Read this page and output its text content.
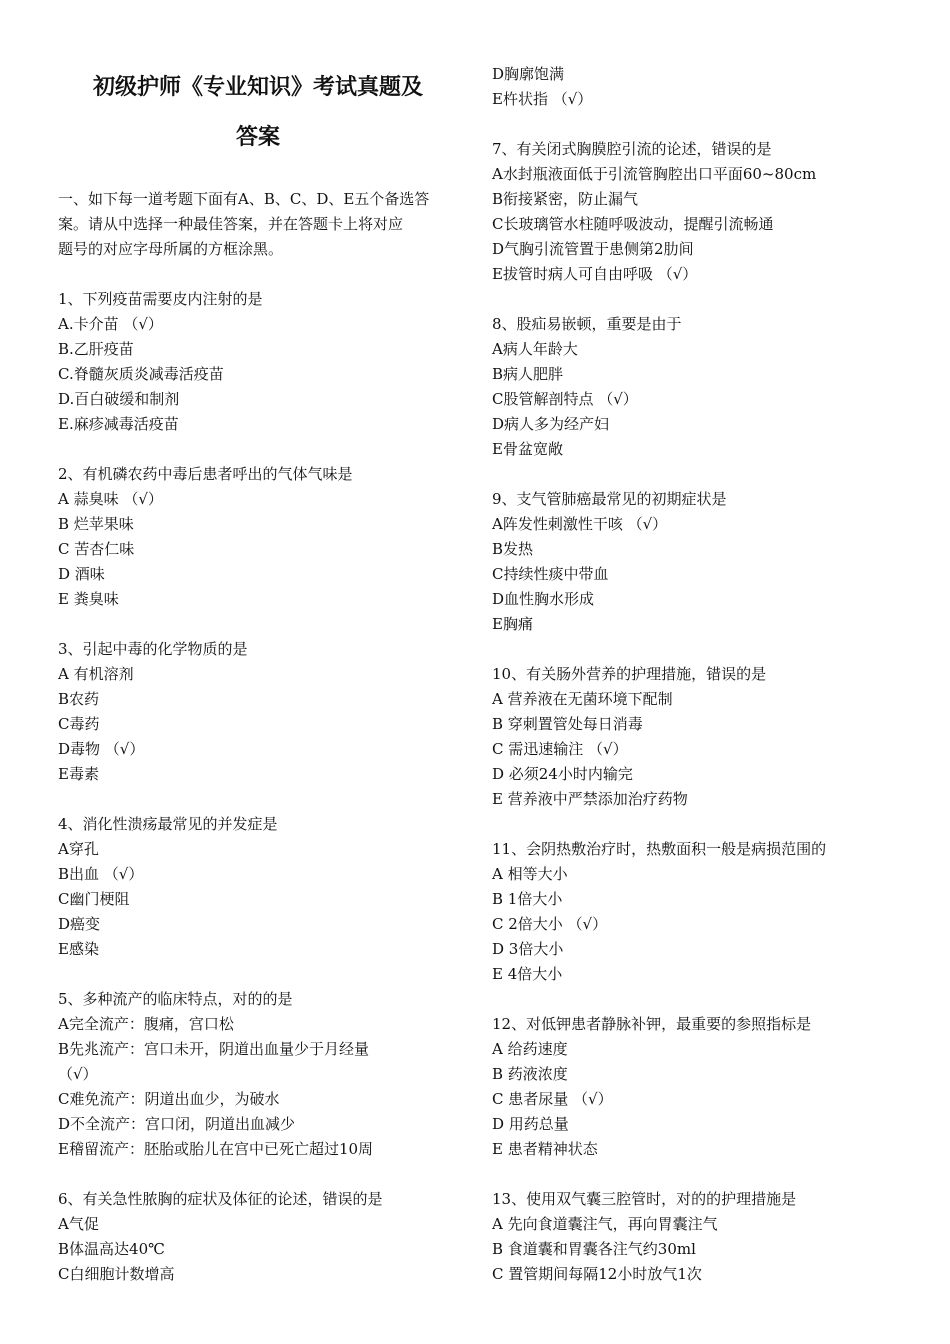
初级护师《专业知识》考试真题及
答案
一、如下每一道考题下面有A、B、C、D、E五个备选答
案。请从中选择一种最佳答案，并在答题卡上将对应
题号的对应字母所属的方框涂黑。
1、下列疫苗需要皮内注射的是
A.卡介苗 （√）
B.乙肝疫苗
C.脊髓灰质炎减毒活疫苗
D.百白破缓和制剂
E.麻疹减毒活疫苗
2、有机磷农药中毒后患者呼出的气体气味是
A 蒜臭味 （√）
B 烂苹果味
C 苦杏仁味
D 酒味
E 粪臭味
3、引起中毒的化学物质的是
A 有机溶剂
B农药
C毒药
D毒物 （√）
E毒素
4、消化性溃疡最常见的并发症是
A穿孔
B出血 （√）
C幽门梗阻
D癌变
E感染
5、多种流产的临床特点，对的的是
A完全流产：腹痛，宫口松
B先兆流产：宫口未开，阴道出血量少于月经量
（√）
C难免流产：阴道出血少，为破水
D不全流产：宫口闭，阴道出血减少
E稽留流产：胚胎或胎儿在宫中已死亡超过10周
6、有关急性脓胸的症状及体征的论述，错误的是
A气促
B体温高达40℃
C白细胞计数增高
D胸廓饱满
E杵状指 （√）
7、有关闭式胸膜腔引流的论述，错误的是
A水封瓶液面低于引流管胸腔出口平面60~80cm
B衔接紧密，防止漏气
C长玻璃管水柱随呼吸波动，提醒引流畅通
D气胸引流管置于患侧第2肋间
E拔管时病人可自由呼吸 （√）
8、股疝易嵌顿，重要是由于
A病人年龄大
B病人肥胖
C股管解剖特点 （√）
D病人多为经产妇
E骨盆宽敞
9、支气管肺癌最常见的初期症状是
A阵发性刺激性干咳 （√）
B发热
C持续性痰中带血
D血性胸水形成
E胸痛
10、有关肠外营养的护理措施，错误的是
A 营养液在无菌环境下配制
B 穿刺置管处每日消毒
C 需迅速输注 （√）
D 必须24小时内输完
E 营养液中严禁添加治疗药物
11、会阴热敷治疗时，热敷面积一般是病损范围的
A 相等大小
B 1倍大小
C 2倍大小 （√）
D 3倍大小
E 4倍大小
12、对低钾患者静脉补钾，最重要的参照指标是
A 给药速度
B 药液浓度
C 患者尿量 （√）
D 用药总量
E 患者精神状态
13、使用双气囊三腔管时，对的的护理措施是
A 先向食道囊注气，再向胃囊注气
B 食道囊和胃囊各注气约30ml
C 置管期间每隔12小时放气1次
